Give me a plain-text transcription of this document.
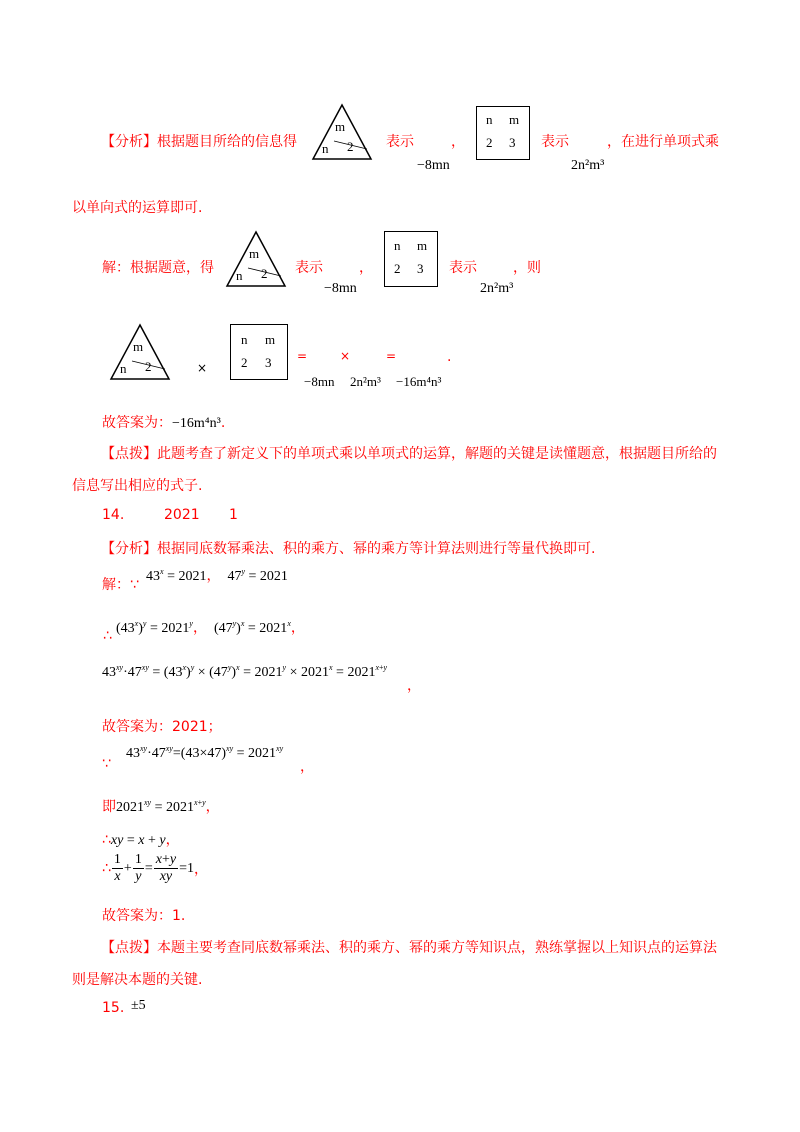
【分析】根据题目所给的信息得
m
n 2 表示	，
−8mn
n m
2 3 表示	，在进行单项式乘
2n²m³
以单向式的运算即可.
解：根据题意，得
m
n 2 表示	，
−8mn
n m
2 3 表示	，则
2n²m³
m
n 2	×
n m
2 3 =	×	=	.
−8mn 2n²m³ −16m⁴n³
故答案为：−16m⁴n³.
【点拨】此题考查了新定义下的单项式乘以单项式的运算，解题的关键是读懂题意，根据题目所给的
信息写出相应的式子.
14.	2021 1
【分析】根据同底数幂乘法、积的乘方、幂的乘方等计算法则进行等量代换即可.
解：∵
$43^x = 2021$，  $47^y = 2021$
∴ $(43^x)^y = 2021^y$，  $(47^y)^x = 2021^x$，
$43^{xy}\cdot 47^{xy} = (43^x)^y \times (47^y)^x = 2021^y \times 2021^x = 2021^{x+y}$
，
故答案为：2021；
∵
$43^{xy}\cdot 47^{xy}=(43\times 47)^{xy} = 2021^{xy}$
，
即$2021^{xy} = 2021^{x+y}$，
∴xy = x + y，
∴ $\frac{1}{x} + \frac{1}{y} = \frac{x+y}{xy} =1$，
故答案为：1.
【点拨】本题主要考查同底数幂乘法、积的乘方、幂的乘方等知识点，熟练掌握以上知识点的运算法
则是解决本题的关键.
15. ±5
